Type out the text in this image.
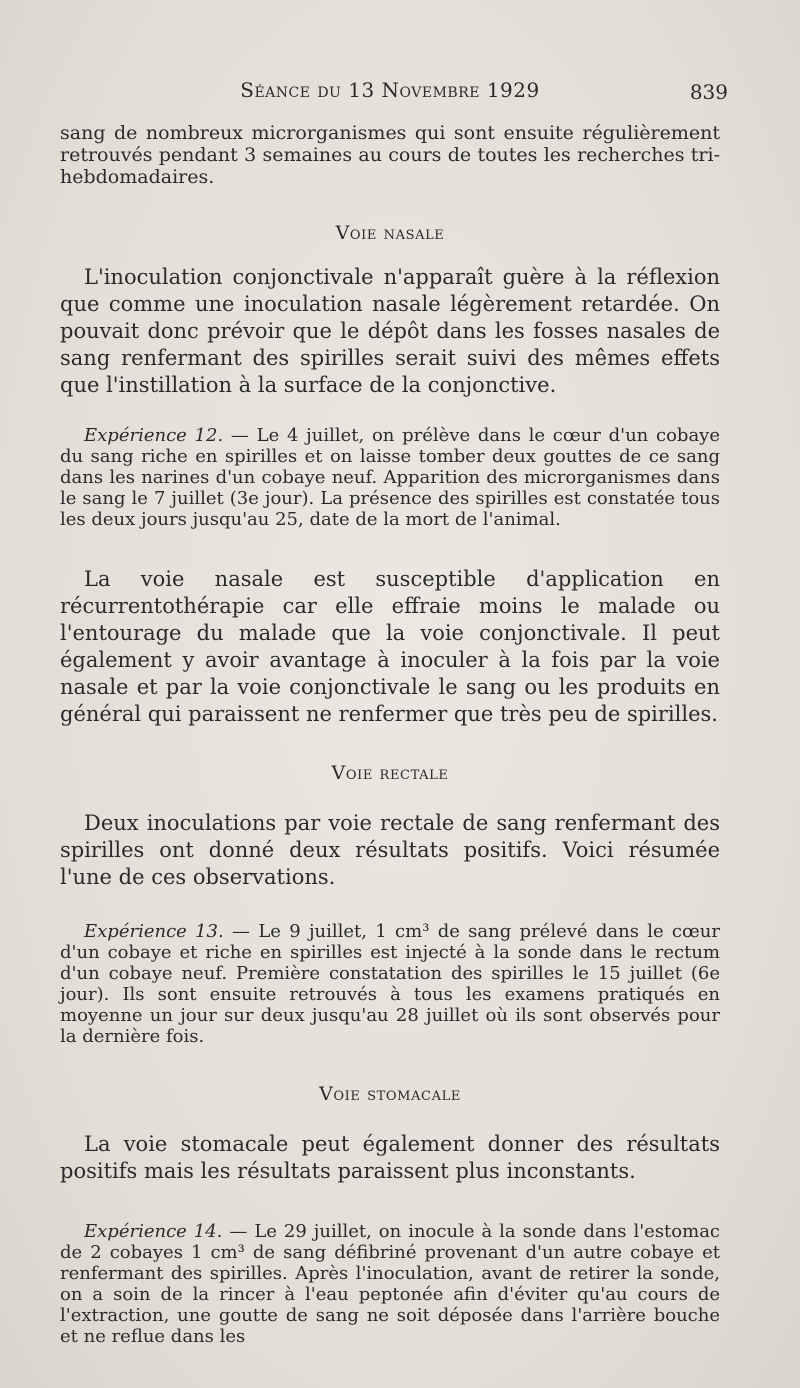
Séance du 13 Novembre 1929	839

sang de nombreux microrganismes qui sont ensuite régulièrement retrouvés pendant 3 semaines au cours de toutes les recherches tri-hebdomadaires.

Voie nasale

L'inoculation conjonctivale n'apparaît guère à la réflexion que comme une inoculation nasale légèrement retardée. On pouvait donc prévoir que le dépôt dans les fosses nasales de sang renfermant des spirilles serait suivi des mêmes effets que l'instillation à la surface de la conjonctive.

Expérience 12. — Le 4 juillet, on prélève dans le cœur d'un cobaye du sang riche en spirilles et on laisse tomber deux gouttes de ce sang dans les narines d'un cobaye neuf. Apparition des microrganismes dans le sang le 7 juillet (3e jour). La présence des spirilles est constatée tous les deux jours jusqu'au 25, date de la mort de l'animal.

La voie nasale est susceptible d'application en récurrentothérapie car elle effraie moins le malade ou l'entourage du malade que la voie conjonctivale. Il peut également y avoir avantage à inoculer à la fois par la voie nasale et par la voie conjonctivale le sang ou les produits en général qui paraissent ne renfermer que très peu de spirilles.

Voie rectale

Deux inoculations par voie rectale de sang renfermant des spirilles ont donné deux résultats positifs. Voici résumée l'une de ces observations.

Expérience 13. — Le 9 juillet, 1 cm³ de sang prélevé dans le cœur d'un cobaye et riche en spirilles est injecté à la sonde dans le rectum d'un cobaye neuf. Première constatation des spirilles le 15 juillet (6e jour). Ils sont ensuite retrouvés à tous les examens pratiqués en moyenne un jour sur deux jusqu'au 28 juillet où ils sont observés pour la dernière fois.

Voie stomacale

La voie stomacale peut également donner des résultats positifs mais les résultats paraissent plus inconstants.

Expérience 14. — Le 29 juillet, on inocule à la sonde dans l'estomac de 2 cobayes 1 cm³ de sang défibriné provenant d'un autre cobaye et renfermant des spirilles. Après l'inoculation, avant de retirer la sonde, on a soin de la rincer à l'eau peptonée afin d'éviter qu'au cours de l'extraction, une goutte de sang ne soit déposée dans l'arrière bouche et ne reflue dans les
